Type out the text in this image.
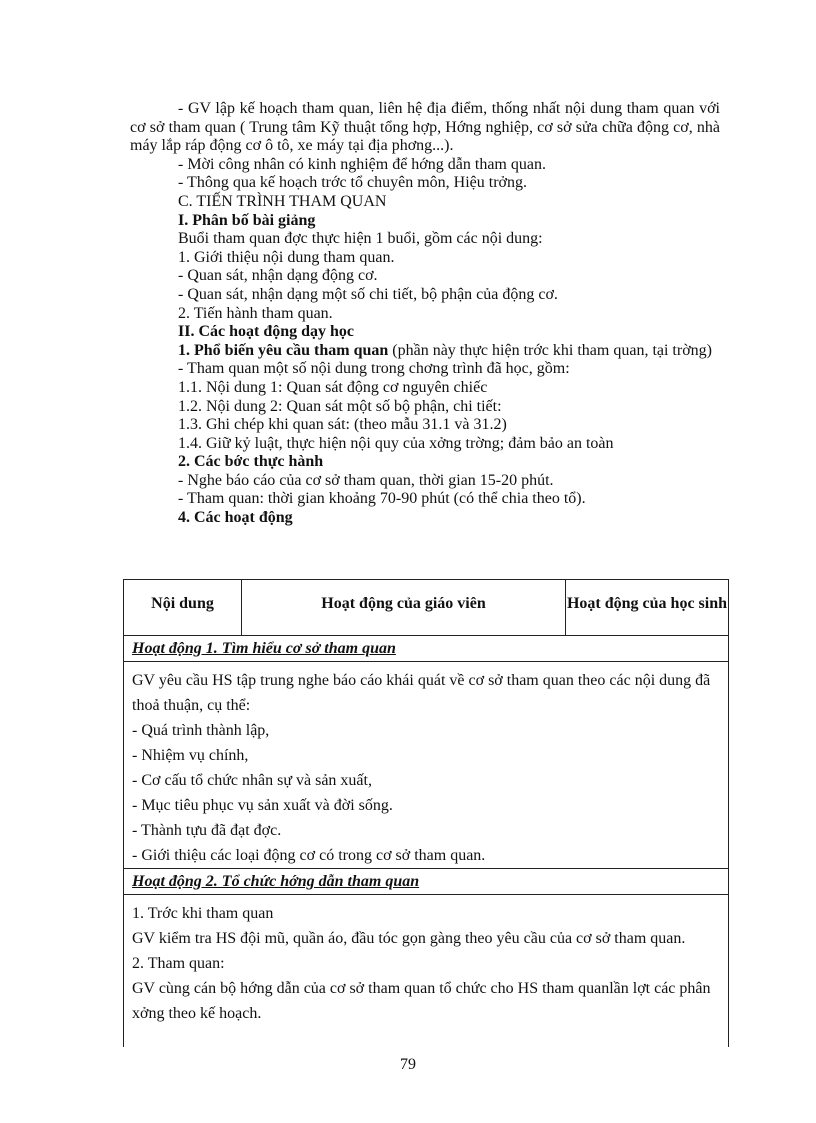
- GV lập kế hoạch tham quan, liên hệ địa điểm, thống nhất nội dung tham quan với cơ sở tham quan ( Trung tâm Kỹ thuật tổng hợp, Hớng nghiệp, cơ sở sửa chữa động cơ, nhà máy lắp ráp động cơ ô tô, xe máy tại địa phơng...).

- Mời công nhân có kinh nghiệm để hớng dẫn tham quan.

- Thông qua kế hoạch trớc tổ chuyên môn, Hiệu trởng.

C. TIẾN TRÌNH THAM QUAN

I. Phân bố bài giảng

Buổi tham quan đợc thực hiện 1 buổi, gồm các nội dung:

1. Giới thiệu nội dung tham quan.

- Quan sát, nhận dạng động cơ.

- Quan sát, nhận dạng một số chi tiết, bộ phận của động cơ.

2. Tiến hành tham quan.

II. Các hoạt động dạy học

1. Phổ biến yêu cầu tham quan (phần này thực hiện trớc khi tham quan, tại trờng)

- Tham quan một số nội dung trong chơng trình đã học, gồm:

1.1. Nội dung 1: Quan sát động cơ nguyên chiếc

1.2. Nội dung 2: Quan sát một số bộ phận, chi tiết:

1.3. Ghi chép khi quan sát: (theo mẫu 31.1 và 31.2)

1.4. Giữ kỷ luật, thực hiện nội quy của xởng trờng; đảm bảo an toàn

2. Các bớc thực hành

- Nghe báo cáo của cơ sở tham quan, thời gian 15-20 phút.

- Tham quan: thời gian khoảng 70-90 phút (có thể chia theo tổ).

4. Các hoạt động

Nội dung	Hoạt động của giáo viên	Hoạt động của học sinh
Hoạt động 1. Tìm hiểu cơ sở tham quan

GV yêu cầu HS tập trung nghe báo cáo khái quát về cơ sở tham quan theo các nội dung đã thoả thuận, cụ thể:

- Quá trình thành lập,

- Nhiệm vụ chính,

- Cơ cấu tổ chức nhân sự và sản xuất,

- Mục tiêu phục vụ sản xuất và đời sống.

- Thành tựu đã đạt đợc.

- Giới thiệu các loại động cơ có trong cơ sở tham quan.

Hoạt động 2. Tổ chức hớng dẫn tham quan

1. Trớc khi tham quan

GV kiểm tra HS đội mũ, quần áo, đầu tóc gọn gàng theo yêu cầu của cơ sở tham quan.

2. Tham quan:

GV cùng cán bộ hớng dẫn của cơ sở tham quan tổ chức cho HS tham quanlần lợt các phân xởng theo kế hoạch.

79
